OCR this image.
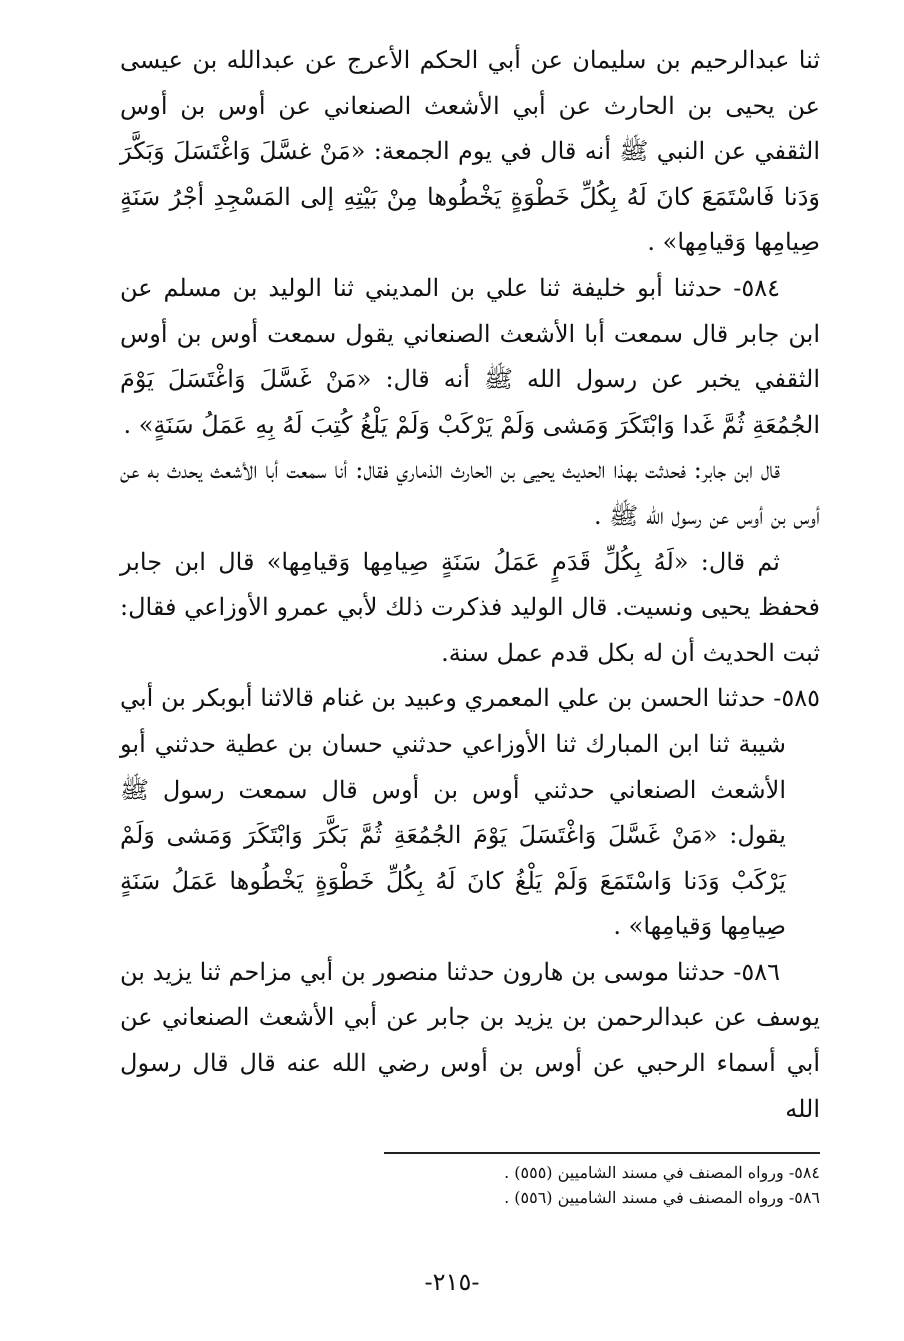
ثنا عبدالرحيم بن سليمان عن أبي الحكم الأعرج عن عبدالله بن عيسى عن يحيى بن الحارث عن أبي الأشعث الصنعاني عن أوس بن أوس الثقفي عن النبي ﷺ أنه قال في يوم الجمعة: «مَنْ غسَّلَ وَاغْتَسَلَ وَبَكَّرَ وَدَنا فَاسْتَمَعَ كانَ لَهُ بِكُلِّ خَطْوَةٍ يَخْطُوها مِنْ بَيْتِهِ إلى المَسْجِدِ أجْرُ سَنَةٍ صِيامِها وَقيامِها» .

٥٨٤- حدثنا أبو خليفة ثنا علي بن المديني ثنا الوليد بن مسلم عن ابن جابر قال سمعت أبا الأشعث الصنعاني يقول سمعت أوس بن أوس الثقفي يخبر عن رسول الله ﷺ أنه قال: «مَنْ غَسَّلَ وَاغْتَسَلَ يَوْمَ الجُمُعَةِ ثُمَّ غَدا وَابْتَكَرَ وَمَشى وَلَمْ يَرْكَبْ وَلَمْ يَلْغُ كُتِبَ لَهُ بِهِ عَمَلُ سَنَةٍ» .

قال ابن جابر: فحدثت بهذا الحديث يحيى بن الحارث الذماري فقال: أنا سمعت أبا الأشعث يحدث به عن أوس بن أوس عن رسول الله ﷺ .

ثم قال: «لَهُ بِكُلِّ قَدَمٍ عَمَلُ سَنَةٍ صِيامِها وَقيامِها» قال ابن جابر فحفظ يحيى ونسيت. قال الوليد فذكرت ذلك لأبي عمرو الأوزاعي فقال: ثبت الحديث أن له بكل قدم عمل سنة.

٥٨٥- حدثنا الحسن بن علي المعمري وعبيد بن غنام قالاثنا أبوبكر بن أبي شيبة ثنا ابن المبارك ثنا الأوزاعي حدثني حسان بن عطية حدثني أبو الأشعث الصنعاني حدثني أوس بن أوس قال سمعت رسول ﷺ يقول: «مَنْ غَسَّلَ وَاغْتَسَلَ يَوْمَ الجُمُعَةِ ثُمَّ بَكَّرَ وَابْتَكَرَ وَمَشى وَلَمْ يَرْكَبْ وَدَنا وَاسْتَمَعَ وَلَمْ يَلْغُ كانَ لَهُ بِكُلِّ خَطْوَةٍ يَخْطُوها عَمَلُ سَنَةٍ صِيامِها وَقيامِها» .

٥٨٦- حدثنا موسى بن هارون حدثنا منصور بن أبي مزاحم ثنا يزيد بن يوسف عن عبدالرحمن بن يزيد بن جابر عن أبي الأشعث الصنعاني عن أبي أسماء الرحبي عن أوس بن أوس رضي الله عنه قال قال رسول الله

٥٨٤- ورواه المصنف في مسند الشاميين (٥٥٥) .

٥٨٦- ورواه المصنف في مسند الشاميين (٥٥٦) .

-٢١٥-
